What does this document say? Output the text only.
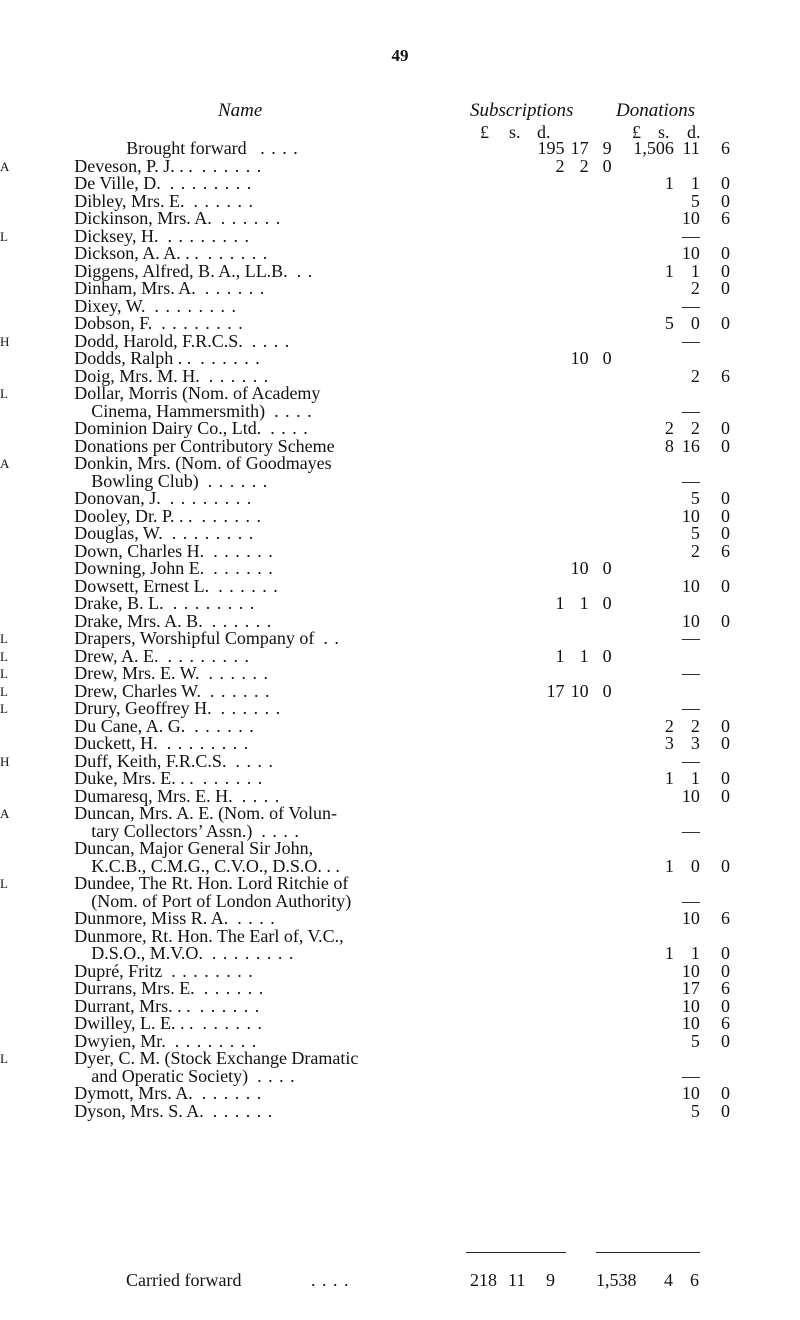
49
Name	Subscriptions Donations
£ s. d.	£ s. d.
	Brought forward . . . .	195	17	9	1,506	11	6
A	Deveson, P. J. . . . . . . . .	2	2	0			
	De Ville, D. . . . . . . . .				1	1	0
	Dibley, Mrs. E. . . . . . .					5	0
	Dickinson, Mrs. A. . . . . . .					10	6
L	Dicksey, H. . . . . . . . .					—	
	Dickson, A. A. . . . . . . . .					10	0
	Diggens, Alfred, B. A., LL.B. . .				1	1	0
	Dinham, Mrs. A. . . . . . .					2	0
	Dixey, W. . . . . . . . .					—	
	Dobson, F. . . . . . . . .				5	0	0
H	Dodd, Harold, F.R.C.S. . . . .					—	
	Dodds, Ralph . . . . . . . .		10	0			
	Doig, Mrs. M. H. . . . . . .					2	6
L	Dollar, Morris (Nom. of Academy						
	Cinema, Hammersmith) . . . .					—	
	Dominion Dairy Co., Ltd. . . . .				2	2	0
	Donations per Contributory Scheme				8	16	0
A	Donkin, Mrs. (Nom. of Goodmayes						
	Bowling Club) . . . . . .					—	
	Donovan, J. . . . . . . . .					5	0
	Dooley, Dr. P. . . . . . . . .					10	0
	Douglas, W. . . . . . . . .					5	0
	Down, Charles H. . . . . . .					2	6
	Downing, John E. . . . . . .		10	0			
	Dowsett, Ernest L. . . . . . .					10	0
	Drake, B. L. . . . . . . . .	1	1	0			
	Drake, Mrs. A. B. . . . . . .					10	0
L	Drapers, Worshipful Company of . .					—	
L	Drew, A. E. . . . . . . . .	1	1	0			
L	Drew, Mrs. E. W. . . . . . .					—	
L	Drew, Charles W. . . . . . .	17	10	0			
L	Drury, Geoffrey H. . . . . . .					—	
	Du Cane, A. G. . . . . . .				2	2	0
	Duckett, H. . . . . . . . .				3	3	0
H	Duff, Keith, F.R.C.S. . . . .					—	
	Duke, Mrs. E. . . . . . . . .				1	1	0
	Dumaresq, Mrs. E. H. . . . .					10	0
A	Duncan, Mrs. A. E. (Nom. of Volun-						
	tary Collectors’ Assn.) . . . .					—	
	Duncan, Major General Sir John,						
	K.C.B., C.M.G., C.V.O., D.S.O. . .				1	0	0
L	Dundee, The Rt. Hon. Lord Ritchie of						
	(Nom. of Port of London Authority)					—	
	Dunmore, Miss R. A. . . . .					10	6
	Dunmore, Rt. Hon. The Earl of, V.C.,						
	D.S.O., M.V.O. . . . . . . . .				1	1	0
	Dupré, Fritz . . . . . . . .					10	0
	Durrans, Mrs. E. . . . . . .					17	6
	Durrant, Mrs. . . . . . . . .					10	0
	Dwilley, L. E. . . . . . . . .					10	6
	Dwyien, Mr. . . . . . . . .					5	0
L	Dyer, C. M. (Stock Exchange Dramatic						
	and Operatic Society) . . . .					—	
	Dymott, Mrs. A. . . . . . .					10	0
	Dyson, Mrs. S. A. . . . . . .					5	0
Carried forward	. . . .	218 11 9 1,538 4 6
